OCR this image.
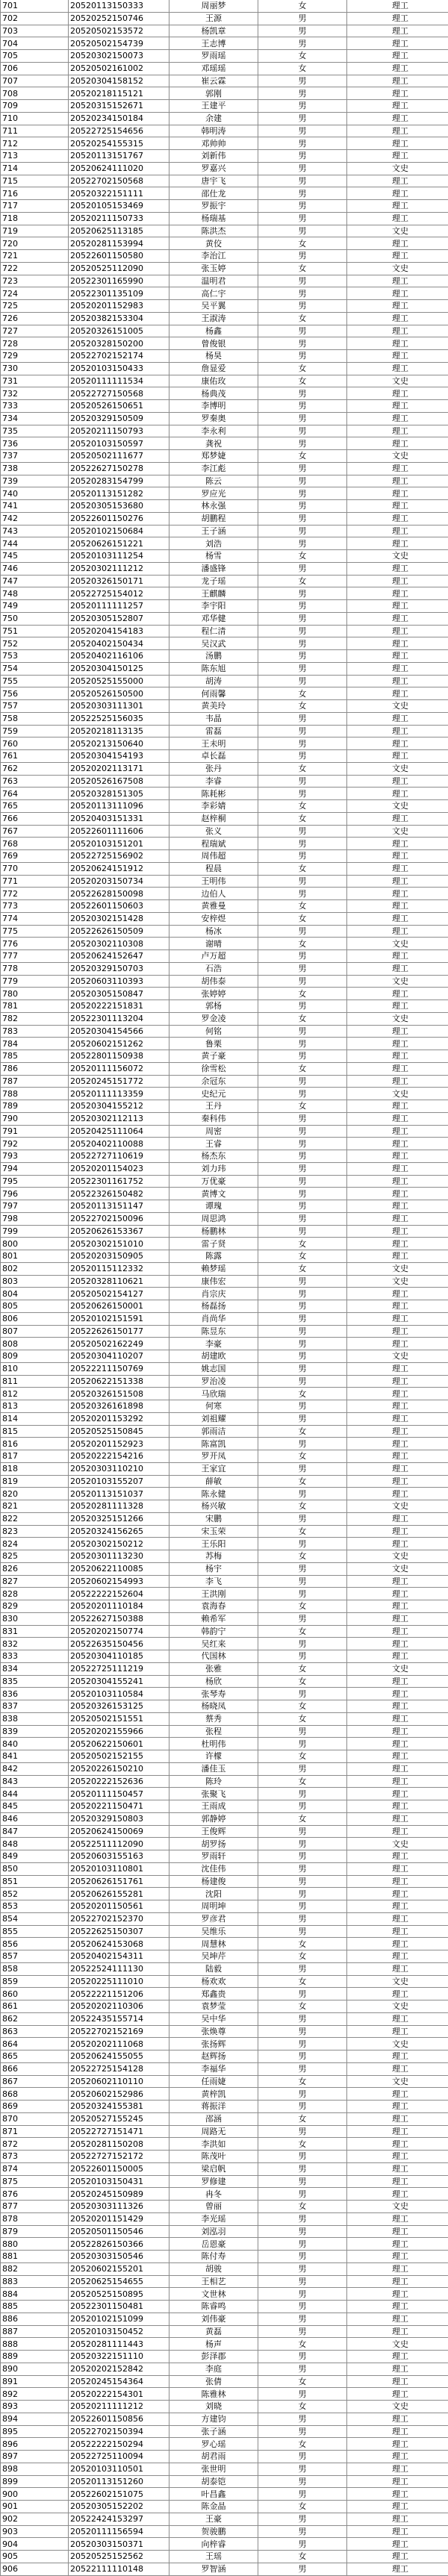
701	20520113150333	周丽梦	女	理工
702	20520252150746	王源	男	理工
703	20520502153572	杨凯章	男	理工
704	20520502154739	王志博	男	理工
705	20520302150073	罗雨瑶	女	理工
706	20520502161002	邓瑶瑶	女	理工
707	20520304158152	崔云霖	男	理工
708	20520218115121	郭刚	男	理工
709	20520315152671	王建平	男	理工
710	20520234150184	余建	男	理工
711	20522725154656	韩明涛	男	理工
712	20520254155315	邓帅帅	男	理工
713	20520113151767	刘新伟	男	理工
714	20520624111020	罗嘉兴	男	文史
715	20522702150568	唐宇飞	男	理工
716	20520322151111	邵仕龙	男	理工
717	20520105153469	罗振宇	男	理工
718	20520211150733	杨瑞基	男	理工
719	20520625113185	陈洪杰	男	文史
720	20520281153994	黄佼	女	理工
721	20522601150580	李治江	男	理工
722	20520525112090	张玉婷	女	文史
723	20522301165990	温明君	男	理工
724	20522301135109	高仁宇	男	理工
725	20520201152983	吴平翼	男	理工
726	20520382153304	王淑涛	女	理工
727	20520326151005	杨鑫	男	理工
728	20520328150200	曾俊银	男	理工
729	20522702152174	杨昊	男	理工
730	20520103150433	詹显爱	女	理工
731	20520111111534	康佑玫	女	文史
732	20522727150568	杨典茂	男	理工
733	20520526150651	李博明	男	理工
734	20520329150509	罗秦奥	男	理工
735	20520211150793	李永利	男	理工
736	20520103150597	龚祝	男	理工
737	20520502111677	郑梦婕	女	文史
738	20522627150278	李江彪	男	理工
739	20520283154799	陈云	男	理工
740	20520113151282	罗应光	男	理工
741	20520305153680	林永强	男	理工
742	20522601150276	胡鹏程	男	理工
743	20520102150684	王子涵	男	理工
744	20520626151221	刘浩	男	理工
745	20520103111254	杨雪	女	文史
746	20520302111212	潘盛锋	男	理工
747	20520326150171	龙子瑶	女	理工
748	20522725154012	王麒麟	男	理工
749	20520111111257	李宇阳	男	理工
750	20520305152807	邓华健	男	理工
751	20520204154183	程仁清	男	理工
752	20520402150434	吴汉武	男	理工
753	20520402116106	汤鹏	男	理工
754	20520304150125	陈东旭	男	理工
755	20520525155000	胡涛	男	理工
756	20520526150500	何雨馨	女	理工
757	20520303111301	黄美玲	女	文史
758	20522525156035	韦晶	男	理工
759	20520218113135	雷磊	男	理工
760	20520213150640	王未明	男	理工
761	20520304154193	卓长磊	男	理工
762	20520202113171	张丹	女	文史
763	20520526167508	李睿	男	理工
764	20520328151305	陈耗彬	男	理工
765	20520113111096	李彩婧	女	文史
766	20520403151331	赵梓桐	女	理工
767	20522601111606	张义	男	文史
768	20520103151201	程瑞斌	男	理工
769	20522725156902	周伟超	男	理工
770	20520624151912	程晨	女	理工
771	20520203150734	王明伟	男	理工
772	20522628150098	边伯人	男	理工
773	20522601150603	黄雅曼	女	理工
774	20520302151428	安梓煜	女	理工
775	20522626150509	杨冰	男	理工
776	20520302110308	谢晴	女	文史
777	20520624152647	卢万超	男	理工
778	20520329150703	石浩	男	理工
779	20520603110393	胡伟泰	男	文史
780	20520305150847	张婷婷	女	理工
781	20520222151831	郭杨	男	理工
782	20522301113204	罗金凌	女	文史
783	20520304154566	何铭	男	理工
784	20520602151262	鲁栗	男	理工
785	20522801150938	黄子豪	男	理工
786	20520111156072	徐雪松	女	理工
787	20520245151772	余冠东	男	理工
788	20520111113359	史纪元	男	文史
789	20520304155212	王丹	女	理工
790	20520302112113	秦科伟	男	理工
791	20520425111064	周密	男	理工
792	20520402110088	王睿	男	理工
793	20522727110619	杨杰东	男	理工
794	20520201154023	刘力玮	男	理工
795	20522301161752	万优豪	男	理工
796	20522326150482	黄博文	男	理工
797	20520113151147	谭瑰	男	理工
798	20522702150096	周思鸿	男	理工
799	20520626153367	杨鹏林	男	理工
800	20520302151010	雷子贤	女	理工
801	20520203150905	陈露	女	理工
802	20520115112332	赖梦瑶	女	文史
803	20520328110621	康伟宏	男	文史
804	20520502154127	肖宗庆	男	理工
805	20520626150001	杨磊扬	男	理工
806	20520102151591	肖尚华	男	理工
807	20522626150177	陈昱东	男	理工
808	20520502162249	李豪	男	理工
809	20520304110207	胡建欧	男	文史
810	20522211150769	姚志国	男	理工
811	20520622151338	罗治凌	男	理工
812	20520326151508	马欣瑞	女	理工
813	20520326161898	何寒	男	理工
814	20520201153292	刘祖耀	男	理工
815	20520525150845	郭雨洁	女	理工
816	20520201152923	陈富凯	男	理工
817	20520222154216	罗开凤	女	理工
818	20520303110210	王家宜	男	理工
819	20520103155207	薛敏	女	理工
820	20520113151037	陈永健	男	理工
821	20520281111328	杨兴敏	女	文史
822	20520325151266	宋鹏	男	理工
823	20520324156265	宋玉荣	女	理工
824	20520302150212	王乐阳	男	理工
825	20520301113230	苏梅	女	文史
826	20520622110085	杨宇	男	文史
827	20520602154993	李飞	男	理工
828	20522222152604	王洪刚	男	理工
829	20520201110184	袁海春	女	理工
830	20522627150388	赖希军	男	理工
831	20520202150774	韩韵宁	女	理工
832	20522635150456	吴红来	男	理工
833	20520304110185	代国林	男	理工
834	20522725111219	张雅	女	文史
835	20520304155241	杨欣	女	理工
836	20520103110584	张琴寿	男	理工
837	20520326153125	杨晓凤	女	理工
838	20520502151551	蔡秀	女	理工
839	20520202155966	张程	男	理工
840	20520622150601	杜明伟	男	理工
841	20520502152155	许檬	女	理工
842	20520226150210	潘佳玉	男	理工
843	20520222152636	陈玲	女	理工
844	20520111150457	张聚飞	男	理工
845	20520221150471	王雨成	男	理工
846	20520329150803	郭静婷	女	理工
847	20520624150069	王俊辉	男	理工
848	20522511112090	胡罗扬	男	文史
849	20520603155163	罗雨轩	男	理工
850	20520103110801	沈佳伟	男	理工
851	20520626151761	杨建俊	男	理工
852	20520626155281	沈阳	男	理工
853	20520201150561	周明坤	男	理工
854	20522702152370	罗彦君	男	理工
855	20522625150307	吴维乐	男	理工
856	20520624153068	周慧林	女	理工
857	20520402154311	吴坤芹	女	理工
858	20522524111130	陆毅	男	理工
859	20520225111010	杨欢欢	女	文史
860	20522221151206	郑鑫贵	男	理工
861	20520202110306	袁梦莹	女	文史
862	20522435155714	吴中华	男	理工
863	20522702152169	张焕尊	男	理工
864	20520202111068	张扬辉	男	文史
865	20520624155055	赵辉扬	男	理工
866	20522725154128	李福华	男	理工
867	20520602110110	任雨婕	女	文史
868	20520602152986	黄梓凯	男	理工
869	20520324155381	蒋振洋	男	理工
870	20520527155245	邵涵	女	理工
871	20522727151471	周路无	男	理工
872	20520281150208	李洪如	女	理工
873	20522727152172	陈茂叶	男	理工
874	20522601150005	梁启帆	男	理工
875	20520103150431	罗修建	男	理工
876	20520245150989	冉冬	男	理工
877	20520303111326	曾丽	女	文史
878	20520201151429	李光瑶	男	理工
879	20520501150546	刘泓羽	男	理工
880	20522826150366	岳恩豪	男	理工
881	20520303150546	陈付寿	男	理工
882	20520602155201	胡骏	男	理工
883	20520625154655	王相艺	男	理工
884	20520525150895	文世林	男	理工
885	20522301150481	陈睿鸣	男	理工
886	20520102151099	刘伟豪	男	理工
887	20520103150452	黄磊	男	理工
888	20520281111443	杨声	女	文史
889	20520322151110	彭泽郡	男	理工
890	20520202152842	李庭	男	理工
891	20520245154364	张倩	女	理工
892	20520222154301	陈雅林	男	理工
893	20520211111212	刘晓	女	文史
894	20522601150856	方建钧	男	理工
895	20522702150394	张子涵	男	理工
896	20522222150294	罗心瑶	女	理工
897	20522725110094	胡君雨	男	理工
898	20520103110501	张世明	男	理工
899	20520113151260	胡泰铠	男	理工
900	20522602151075	叶昌鑫	男	理工
901	20520305152202	陈金晶	女	理工
902	20522424153297	王豪	男	理工
903	20520111156594	贺骏鹏	男	理工
904	20520303150371	向梓睿	男	理工
905	20520525152562	王瑶	女	理工
906	20522111110148	罗智涵	男	理工
